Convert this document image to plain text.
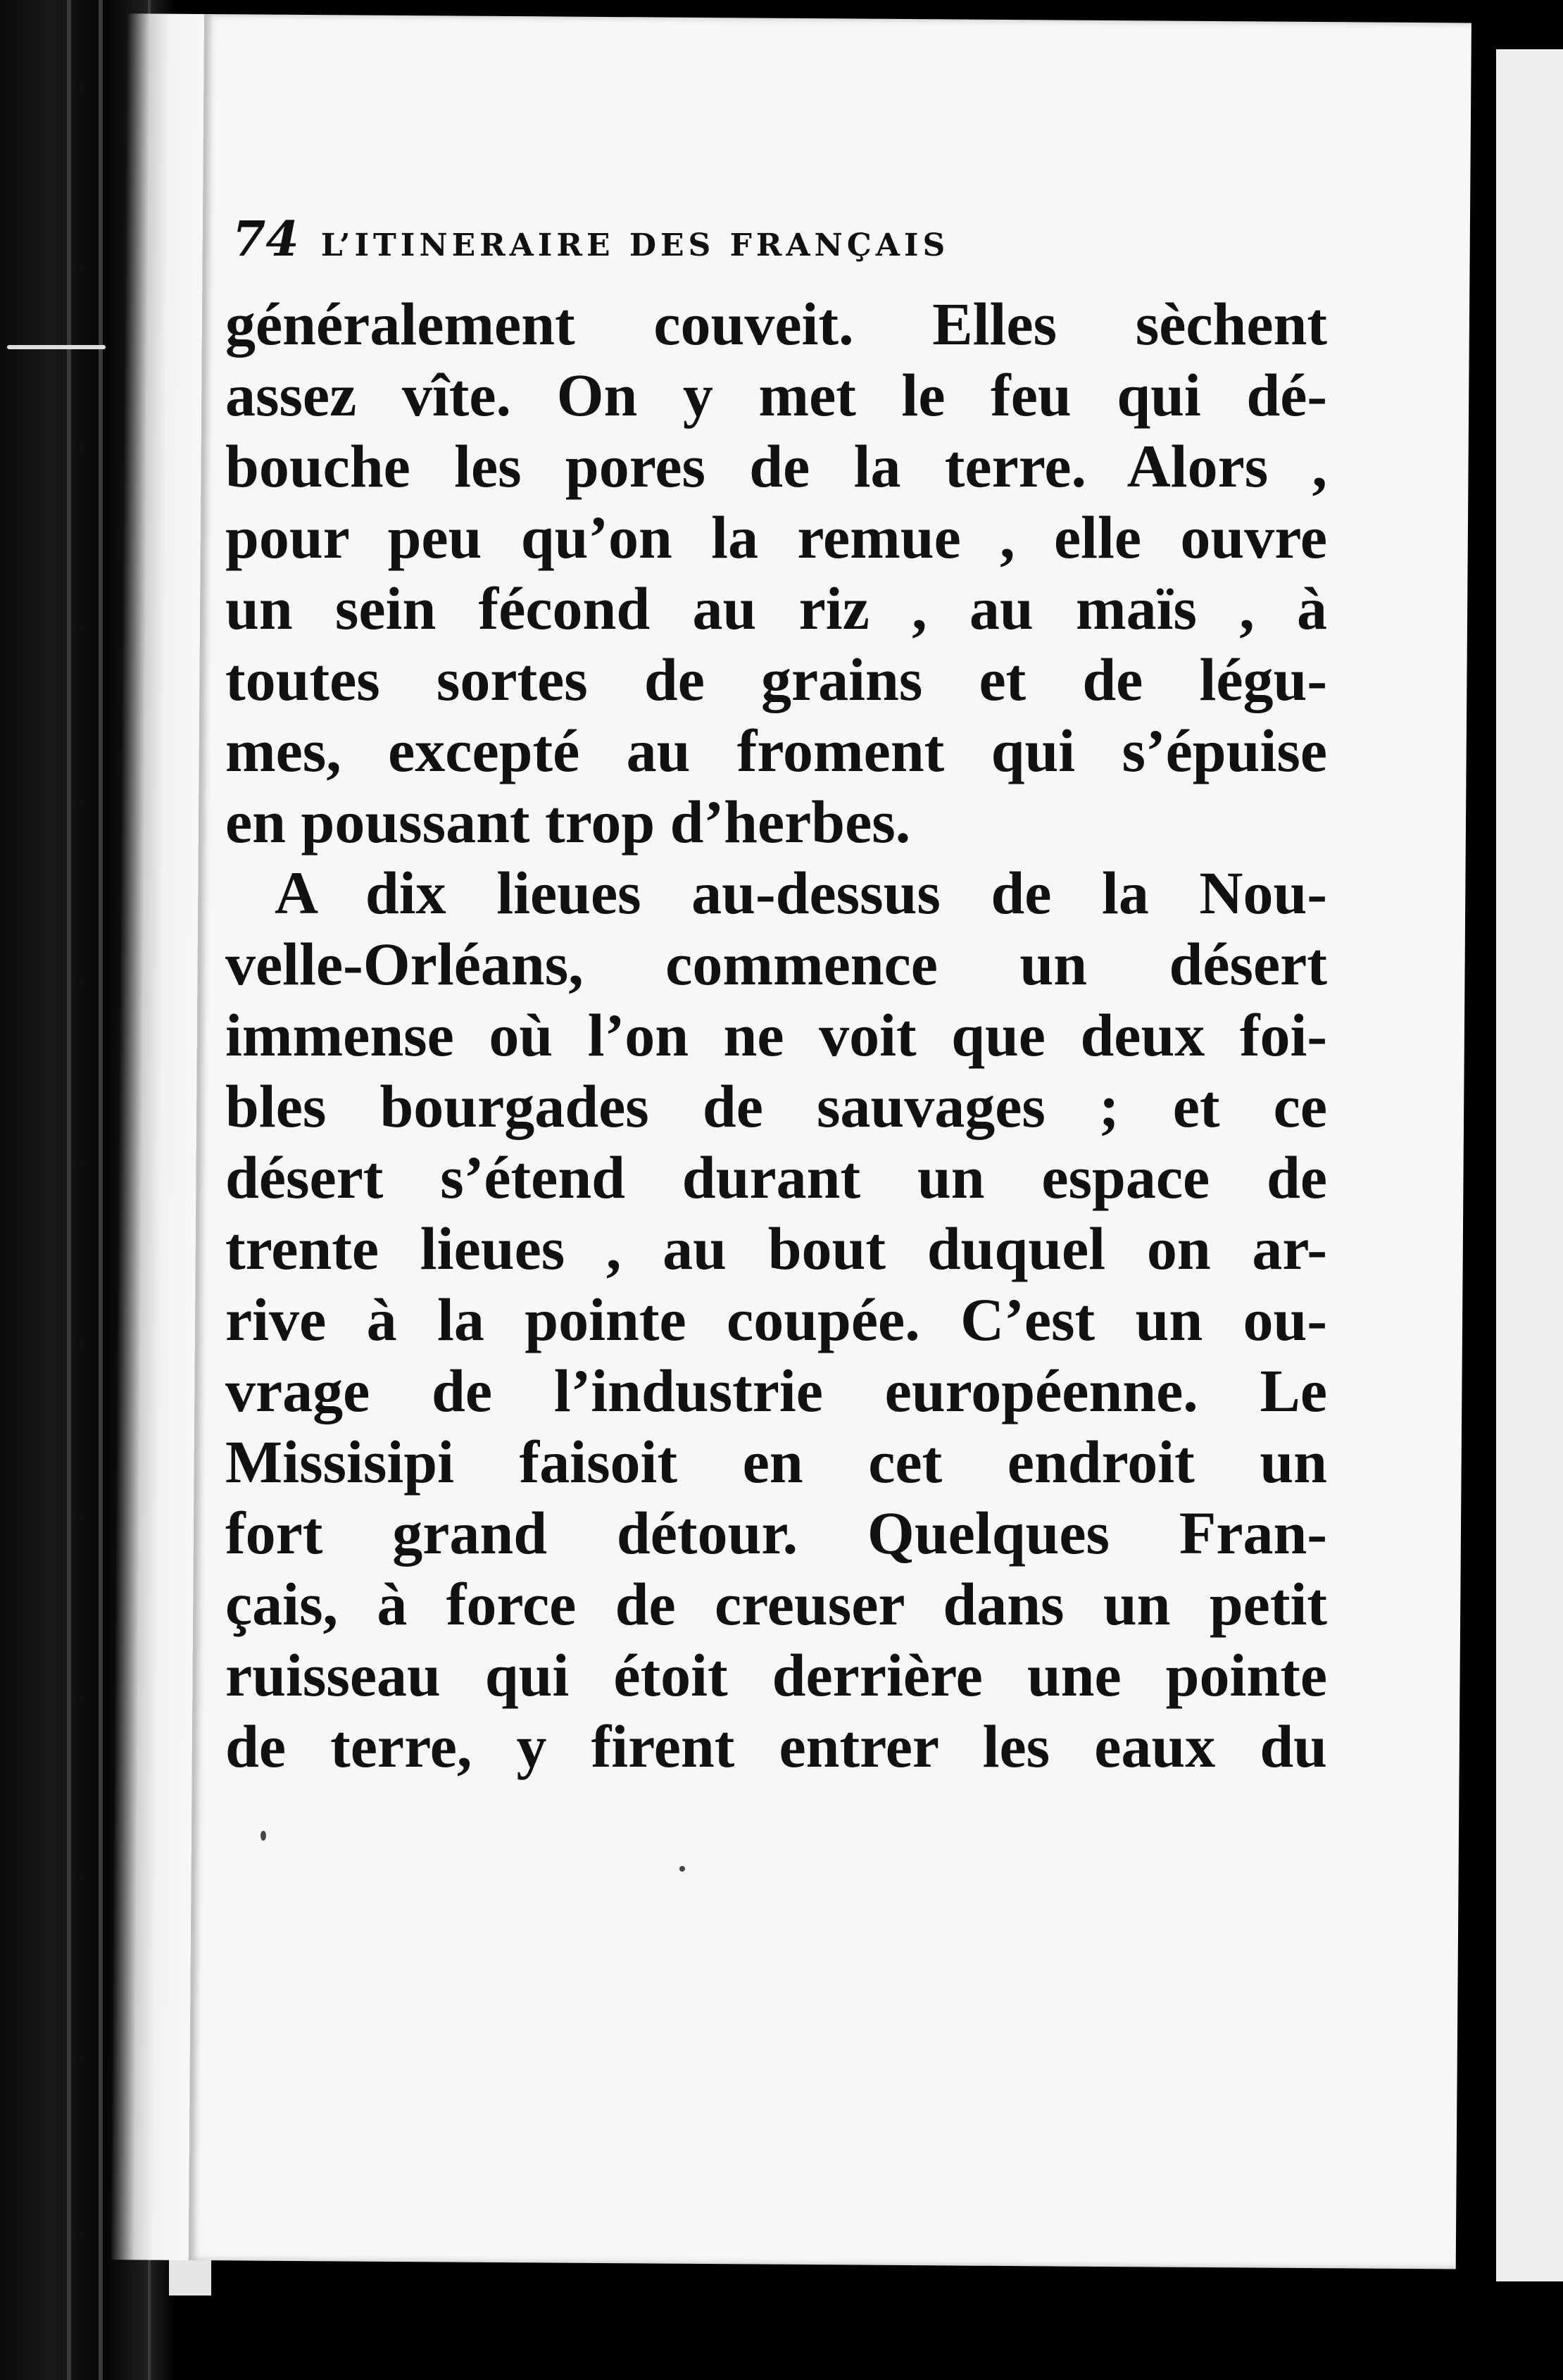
74 L’ITINERAIRE DES FRANÇAIS
généralement couveit. Elles sèchent
assez vîte. On y met le feu qui dé-
bouche les pores de la terre. Alors ,
pour peu qu’on la remue , elle ouvre
un sein fécond au riz , au maïs , à
toutes sortes de grains et de légu-
mes, excepté au froment qui s’épuise
en poussant trop d’herbes.
A dix lieues au-dessus de la Nou-
velle-Orléans, commence un désert
immense où l’on ne voit que deux foi-
bles bourgades de sauvages ; et ce
désert s’étend durant un espace de
trente lieues , au bout duquel on ar-
rive à la pointe coupée. C’est un ou-
vrage de l’industrie européenne. Le
Missisipi faisoit en cet endroit un
fort grand détour. Quelques Fran-
çais, à force de creuser dans un petit
ruisseau qui étoit derrière une pointe
de terre, y firent entrer les eaux du
